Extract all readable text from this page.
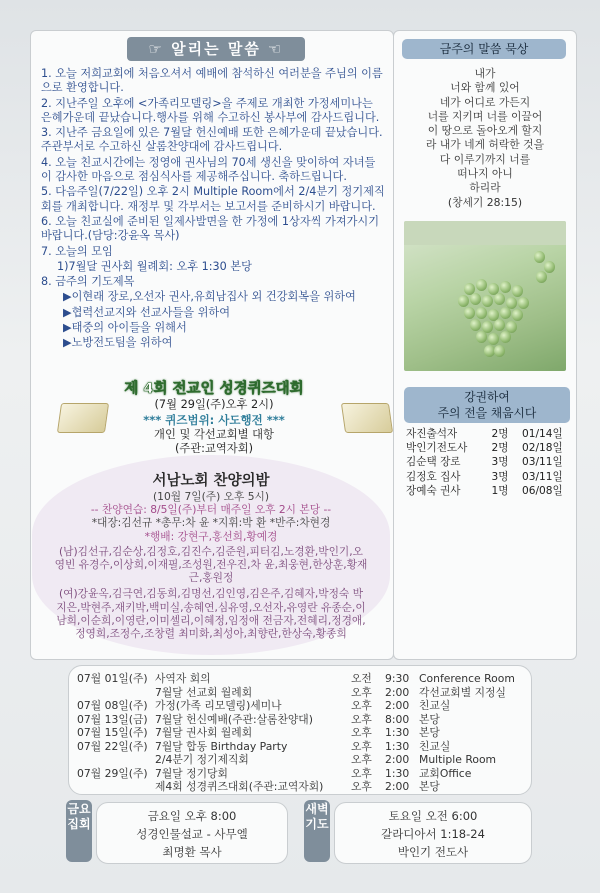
☞ 알리는 말씀 ☜
1. 오늘 저희교회에 처음오셔서 예배에 참석하신 여러분을 주님의 이름으로 환영합니다.
2. 지난주일 오후에 <가족리모델링>을 주제로 개최한 가정세미나는 은혜가운데 끝났습니다.행사를 위해 수고하신 봉사부에 감사드립니다.
3. 지난주 금요일에 있은 7월달 헌신예배 또한 은혜가운데 끝났습니다. 주관부서로 수고하신 살롬찬양대에 감사드립니다.
4. 오늘 친교시간에는 정영애 권사님의 70세 생신을 맞이하여 자녀들이 감사한 마음으로 점심식사를 제공해주십니다. 축하드립니다.
5. 다음주일(7/22일) 오후 2시 Multiple Room에서 2/4분기 정기제직회를 개최합니다. 재정부 및 각부서는 보고서를 준비하시기 바랍니다.
6. 오늘 친교실에 준비된 일제사발면을 한 가정에 1상자씩 가져가시기 바랍니다.(담당:강윤옥 목사)
7. 오늘의 모임
1)7월달 권사회 월례회: 오후 1:30 본당
8. 금주의 기도제목
▶이현래 장로,오선자 권사,유희남집사 외 건강회복을 위하여
▶협력선교지와 선교사들을 위하여
▶태중의 아이들을 위해서
▶노방전도팀을 위하여
제 4회 전교인 성경퀴즈대회
(7월 29일(주)오후 2시)
*** 퀴즈범위: 사도행전 ***
개인 및 각선교회별 대항
(주관:교역자회)
서남노회 찬양의밤
(10월 7일(주) 오후 5시)
-- 찬양연습: 8/5일(주)부터 매주일 오후 2시 본당 --
*대장:김선규 *총무:차 윤 *지휘:박 환 *반주:차현경
*행배: 강현구,홍선희,황예경
(남)김선규,김순상,김정호,김진수,김준원,피터김,노경환,박인기,오영빈 유경수,이상희,이재필,조성원,전우진,차 윤,최웅현,한상훈,황재근,홍원정
(여)강윤옥,김극연,김동희,김명선,김인영,김은주,김혜자,박정숙 박지은,박현주,재키박,백미실,송혜연,심유영,오선자,유영란 유종순,이남희,이순희,이영란,이미셸리,이혜정,임정애 전금자,전혜리,정경애,정영희,조정수,조창렬 최미화,최성아,최향란,한상숙,황종희
금주의 말씀 묵상
내가
너와 함께 있어
네가 어디로 가든지
너를 지키며 너를 이끌어
이 땅으로 돌아오게 할지
라 내가 네게 허락한 것을
다 이루기까지 너를
떠나지 아니
하리라
(창세기 28:15)
강권하여
주의 전을 채웁시다
자진출석자	2명	01/14일
박인기전도사	2명	02/18일
김순택 장로	3명	03/11일
김정호 집사	3명	03/11일
장예숙 권사	1명	06/08일
07월 01일(주) 사역자 회의	오전 9:30 Conference Room
7월달 선교회 월례회	오후 2:00 각선교회별 지정실
07월 08일(주) 가정(가족 리모델링)세미나	오후 2:00 친교실
07월 13일(금) 7월달 헌신예배(주관:살롬찬양대)	오후 8:00 본당
07월 15일(주) 7월달 권사회 월례회	오후 1:30 본당
07월 22일(주) 7월달 합동 Birthday Party	오후 1:30 친교실
2/4분기 정기제직회	오후 2:00 Multiple Room
07월 29일(주) 7월달 정기당회	오후 1:30 교회Office
제4회 성경퀴즈대회(주관:교역자회)	오후 2:00 본당
금요집회
금요일 오후 8:00
성경인물설교 - 사무엘
최명환 목사
새벽기도
토요일 오전 6:00
갈라디아서 1:18-24
박인기 전도사
